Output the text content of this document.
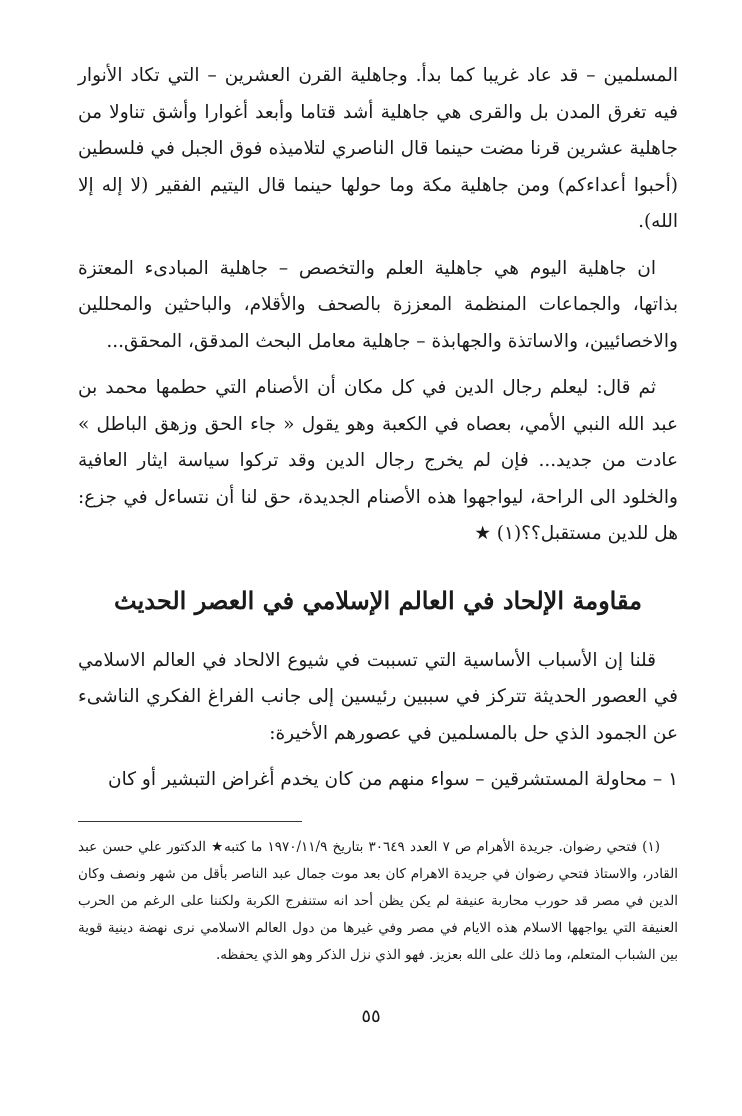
المسلمين – قد عاد غريبا كما بدأ. وجاهلية القرن العشرين – التي تكاد الأنوار فيه تغرق المدن بل والقرى هي جاهلية أشد قتاما وأبعد أغوارا وأشق تناولا من جاهلية عشرين قرنا مضت حينما قال الناصري لتلاميذه فوق الجبل في فلسطين (أحبوا أعداءكم) ومن جاهلية مكة وما حولها حينما قال اليتيم الفقير (لا إله إلا الله).

ان جاهلية اليوم هي جاهلية العلم والتخصص – جاهلية المبادىء المعتزة بذاتها، والجماعات المنظمة المعززة بالصحف والأقلام، والباحثين والمحللين والاخصائيين، والاساتذة والجهابذة – جاهلية معامل البحث المدقق، المحقق...

ثم قال: ليعلم رجال الدين في كل مكان أن الأصنام التي حطمها محمد بن عبد الله النبي الأمي، بعصاه في الكعبة وهو يقول « جاء الحق وزهق الباطل » عادت من جديد... فإن لم يخرج رجال الدين وقد تركوا سياسة ايثار العافية والخلود الى الراحة، ليواجهوا هذه الأصنام الجديدة، حق لنا أن نتساءل في جزع: هل للدين مستقبل؟؟(١) ★

مقاومة الإلحاد في العالم الإسلامي في العصر الحديث

قلنا إن الأسباب الأساسية التي تسببت في شيوع الالحاد في العالم الاسلامي في العصور الحديثة تتركز في سببين رئيسين إلى جانب الفراغ الفكري الناشىء عن الجمود الذي حل بالمسلمين في عصورهم الأخيرة:

١ – محاولة المستشرقين – سواء منهم من كان يخدم أغراض التبشير أو كان

(١) فتحي رضوان. جريدة الأهرام ص ٧ العدد ٣٠٦٤٩ بتاريخ ١٩٧٠/١١/٩ ما كتبه★ الدكتور علي حسن عبد القادر، والاستاذ فتحي رضوان في جريدة الاهرام كان بعد موت جمال عبد الناصر بأقل من شهر ونصف وكان الدين في مصر قد حورب محاربة عنيفة لم يكن يظن أحد انه ستنفرج الكربة ولكننا على الرغم من الحرب العنيفة التي يواجهها الاسلام هذه الايام في مصر وفي غيرها من دول العالم الاسلامي نرى نهضة دينية قوية بين الشباب المتعلم، وما ذلك على الله بعزيز. فهو الذي نزل الذكر وهو الذي يحفظه.

٥٥
